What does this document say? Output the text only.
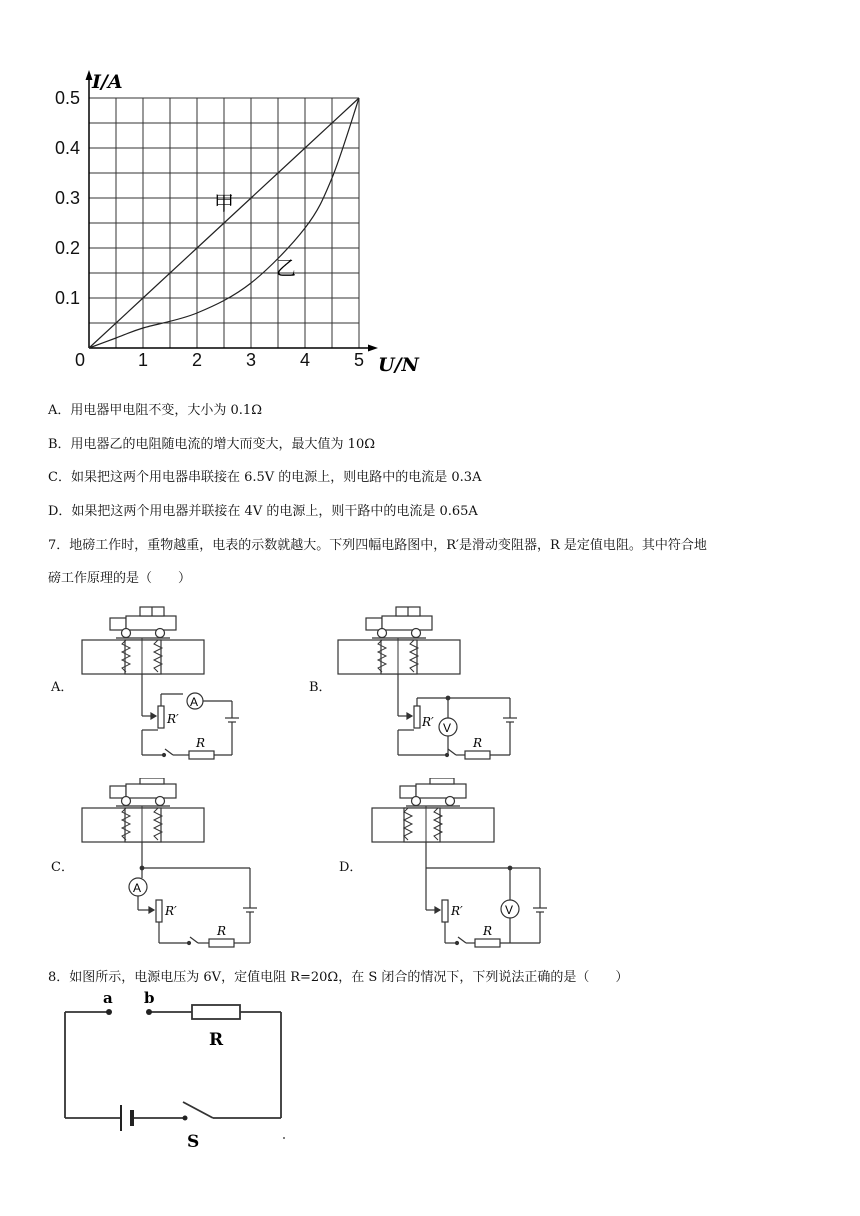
0.5
0.4
0.3
0.2
0.1
0	1 2 3 4 5
I/A
U/N
甲
乙
A．用电器甲电阻不变，大小为 0.1Ω
B．用电器乙的电阻随电流的增大而变大，最大值为 10Ω
C．如果把这两个用电器串联接在 6.5V 的电源上，则电路中的电流是 0.3A
D．如果把这两个用电器并联接在 4V 的电源上，则干路中的电流是 0.65A
7．地磅工作时，重物越重，电表的示数就越大。下列四幅电路图中，R′是滑动变阻器，R 是定值电阻。其中符合地
磅工作原理的是（　　）
A．	B．
C．	D．
A
R′
R
V
R′
R
A
R′
R
V
R′
R
8．如图所示，电源电压为 6V，定值电阻 R=20Ω，在 S 闭合的情况下，下列说法正确的是（　　）
a b
R
S
